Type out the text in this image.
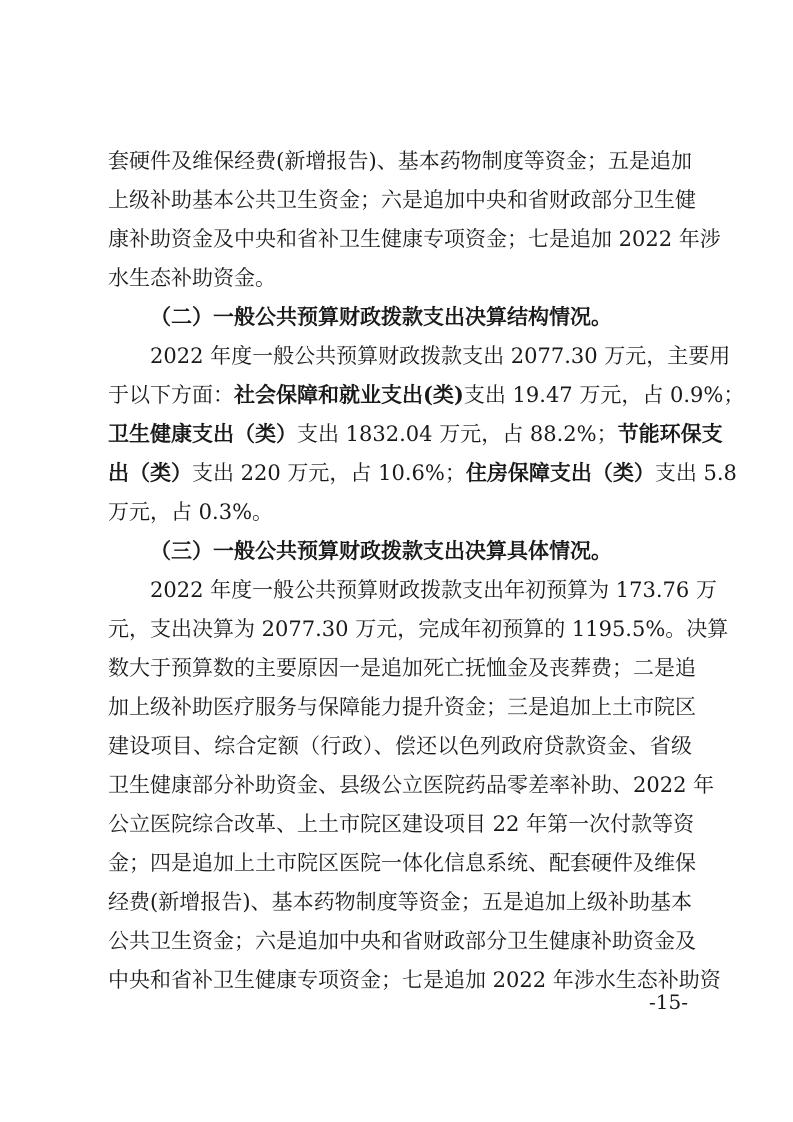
套硬件及维保经费(新增报告)、基本药物制度等资金；五是追加
上级补助基本公共卫生资金；六是追加中央和省财政部分卫生健
康补助资金及中央和省补卫生健康专项资金；七是追加 2022 年涉
水生态补助资金。
（二）一般公共预算财政拨款支出决算结构情况。
2022 年度一般公共预算财政拨款支出 2077.30 万元，主要用
于以下方面：社会保障和就业支出(类)支出 19.47 万元，占 0.9%；
卫生健康支出（类）支出 1832.04 万元，占 88.2%；节能环保支
出（类）支出 220 万元，占 10.6%；住房保障支出（类）支出 5.8
万元，占 0.3%。
（三）一般公共预算财政拨款支出决算具体情况。
2022 年度一般公共预算财政拨款支出年初预算为 173.76 万
元，支出决算为 2077.30 万元，完成年初预算的 1195.5%。决算
数大于预算数的主要原因一是追加死亡抚恤金及丧葬费；二是追
加上级补助医疗服务与保障能力提升资金；三是追加上土市院区
建设项目、综合定额（行政）、偿还以色列政府贷款资金、省级
卫生健康部分补助资金、县级公立医院药品零差率补助、2022 年
公立医院综合改革、上土市院区建设项目 22 年第一次付款等资
金；四是追加上土市院区医院一体化信息系统、配套硬件及维保
经费(新增报告)、基本药物制度等资金；五是追加上级补助基本
公共卫生资金；六是追加中央和省财政部分卫生健康补助资金及
中央和省补卫生健康专项资金；七是追加 2022 年涉水生态补助资
-15-
